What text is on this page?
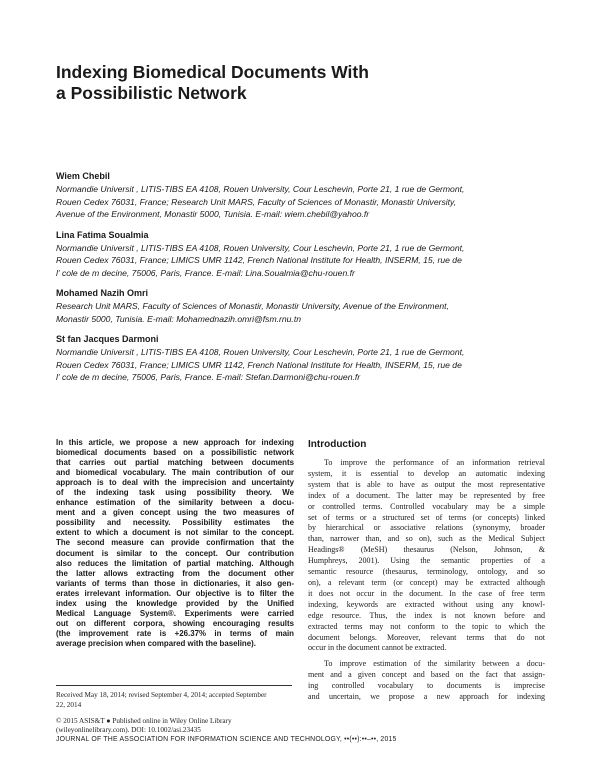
Indexing Biomedical Documents With
a Possibilistic Network
Wiem Chebil
Normandie Universit , LITIS-TIBS EA 4108, Rouen University, Cour Leschevin, Porte 21, 1 rue de Germont,
Rouen Cedex 76031, France; Research Unit MARS, Faculty of Sciences of Monastir, Monastir University,
Avenue of the Environment, Monastir 5000, Tunisia. E-mail: wiem.chebil@yahoo.fr
Lina Fatima Soualmia
Normandie Universit , LITIS-TIBS EA 4108, Rouen University, Cour Leschevin, Porte 21, 1 rue de Germont,
Rouen Cedex 76031, France; LIMICS UMR 1142, French National Institute for Health, INSERM, 15, rue de
l' cole de m decine, 75006, Paris, France. E-mail: Lina.Soualmia@chu-rouen.fr
Mohamed Nazih Omri
Research Unit MARS, Faculty of Sciences of Monastir, Monastir University, Avenue of the Environment,
Monastir 5000, Tunisia. E-mail: Mohamednazih.omri@fsm.rnu.tn
St fan Jacques Darmoni
Normandie Universit , LITIS-TIBS EA 4108, Rouen University, Cour Leschevin, Porte 21, 1 rue de Germont,
Rouen Cedex 76031, France; LIMICS UMR 1142, French National Institute for Health, INSERM, 15, rue de
l' cole de m decine, 75006, Paris, France. E-mail: Stefan.Darmoni@chu-rouen.fr
In this article, we propose a new approach for indexing
biomedical documents based on a possibilistic network
that carries out partial matching between documents
and biomedical vocabulary. The main contribution of our
approach is to deal with the imprecision and uncertainty
of the indexing task using possibility theory. We
enhance estimation of the similarity between a docu-
ment and a given concept using the two measures of
possibility and necessity. Possibility estimates the
extent to which a document is not similar to the concept.
The second measure can provide confirmation that the
document is similar to the concept. Our contribution
also reduces the limitation of partial matching. Although
the latter allows extracting from the document other
variants of terms than those in dictionaries, it also gen-
erates irrelevant information. Our objective is to filter the
index using the knowledge provided by the Unified
Medical Language System®. Experiments were carried
out on different corpora, showing encouraging results
(the improvement rate is +26.37% in terms of main
average precision when compared with the baseline).
Received May 18, 2014; revised September 4, 2014; accepted September
22, 2014
© 2015 ASIS&T ● Published online in Wiley Online Library
(wileyonlinelibrary.com). DOI: 10.1002/asi.23435
Introduction
To improve the performance of an information retrieval
system, it is essential to develop an automatic indexing
system that is able to have as output the most representative
index of a document. The latter may be represented by free
or controlled terms. Controlled vocabulary may be a simple
set of terms or a structured set of terms (or concepts) linked
by hierarchical or associative relations (synonymy, broader
than, narrower than, and so on), such as the Medical Subject
Headings® (MeSH) thesaurus (Nelson, Johnson, &
Humphreys, 2001). Using the semantic properties of a
semantic resource (thesaurus, terminology, ontology, and so
on), a relevant term (or concept) may be extracted although
it does not occur in the document. In the case of free term
indexing, keywords are extracted without using any knowl-
edge resource. Thus, the index is not known before and
extracted terms may not conform to the topic to which the
document belongs. Moreover, relevant terms that do not
occur in the document cannot be extracted.
To improve estimation of the similarity between a docu-
ment and a given concept and based on the fact that assign-
ing controlled vocabulary to documents is imprecise
and uncertain, we propose a new approach for indexing
JOURNAL OF THE ASSOCIATION FOR INFORMATION SCIENCE AND TECHNOLOGY, ••(••):••–••, 2015
